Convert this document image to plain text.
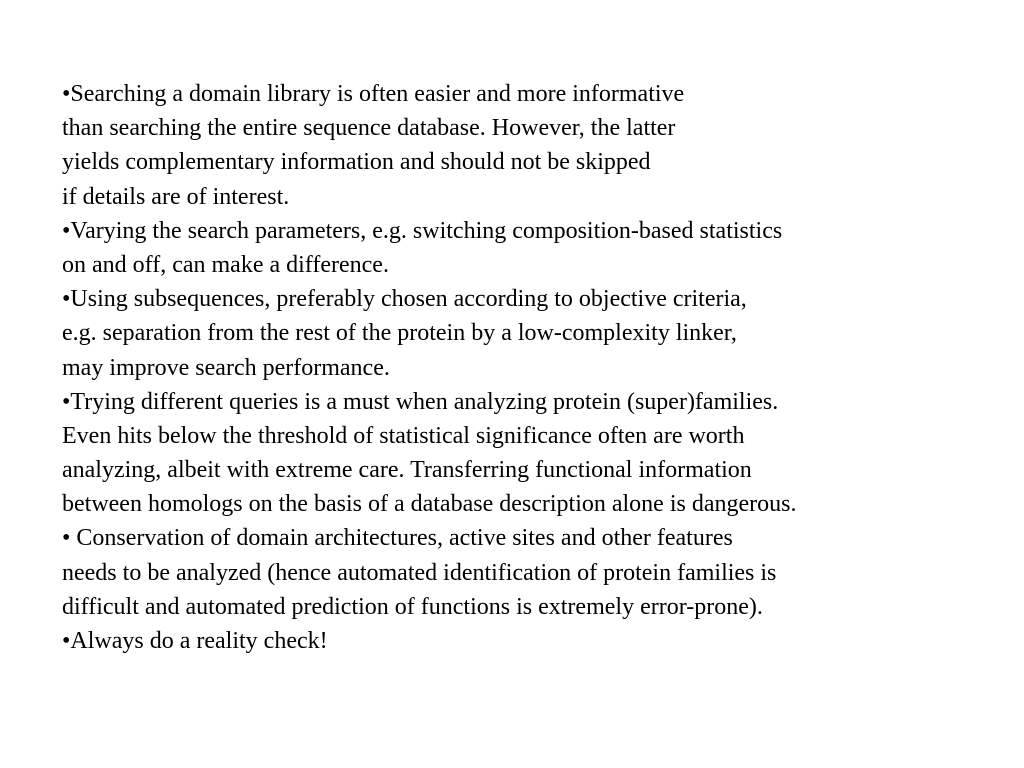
•Searching a domain library is often easier and more informative
than searching the entire sequence database. However, the latter
yields complementary information and should not be skipped
if details are of interest.
•Varying the search parameters, e.g. switching composition-based statistics
on and off, can make a difference.
•Using subsequences, preferably chosen according to objective criteria,
e.g. separation from the rest of the protein by a low-complexity linker,
may improve search performance.
•Trying different queries is a must when analyzing protein (super)families.
Even hits below the threshold of statistical significance often are worth
analyzing, albeit with extreme care. Transferring functional information
between homologs on the basis of a database description alone is dangerous.
• Conservation of domain architectures, active sites and other features
needs to be analyzed (hence automated identification of protein families is
difficult and automated prediction of functions is extremely error-prone).
•Always do a reality check!
